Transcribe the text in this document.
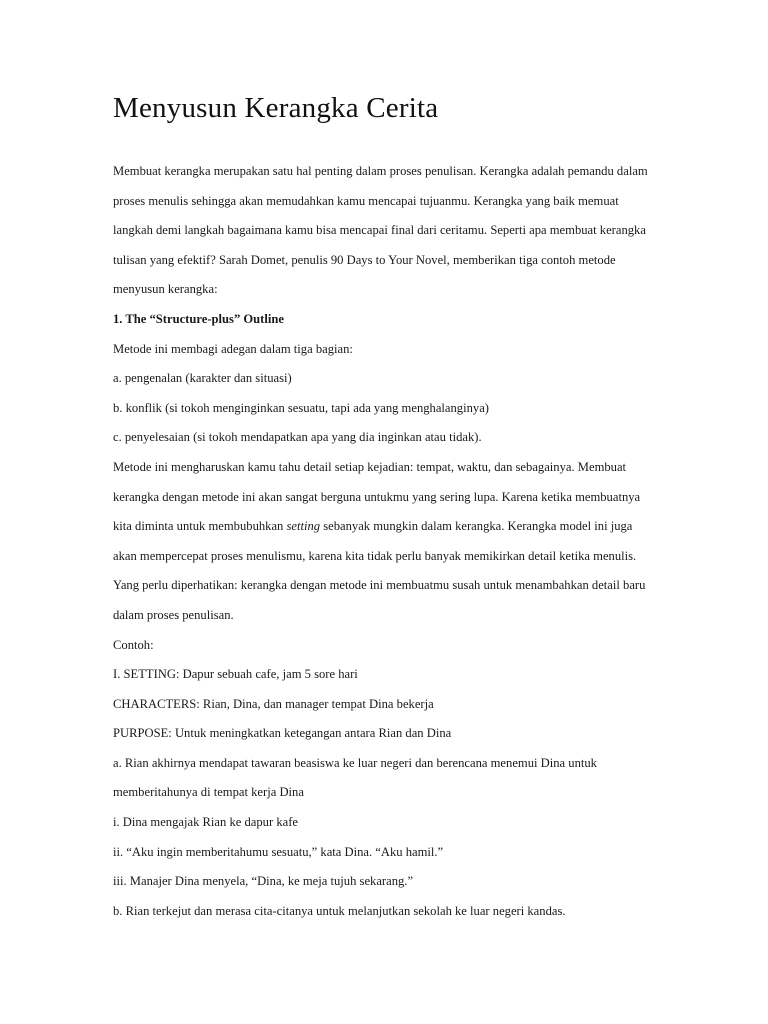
Menyusun Kerangka Cerita

Membuat kerangka merupakan satu hal penting dalam proses penulisan. Kerangka adalah pemandu dalam proses menulis sehingga akan memudahkan kamu mencapai tujuanmu. Kerangka yang baik memuat langkah demi langkah bagaimana kamu bisa mencapai final dari ceritamu. Seperti apa membuat kerangka tulisan yang efektif? Sarah Domet, penulis 90 Days to Your Novel, memberikan tiga contoh metode menyusun kerangka:

1. The “Structure-plus” Outline

Metode ini membagi adegan dalam tiga bagian:

a. pengenalan (karakter dan situasi)

b. konflik (si tokoh menginginkan sesuatu, tapi ada yang menghalanginya)

c. penyelesaian (si tokoh mendapatkan apa yang dia inginkan atau tidak).

Metode ini mengharuskan kamu tahu detail setiap kejadian: tempat, waktu, dan sebagainya. Membuat kerangka dengan metode ini akan sangat berguna untukmu yang sering lupa. Karena ketika membuatnya kita diminta untuk membubuhkan setting sebanyak mungkin dalam kerangka. Kerangka model ini juga akan mempercepat proses menulismu, karena kita tidak perlu banyak memikirkan detail ketika menulis.

Yang perlu diperhatikan: kerangka dengan metode ini membuatmu susah untuk menambahkan detail baru dalam proses penulisan.

Contoh:

I. SETTING: Dapur sebuah cafe, jam 5 sore hari

CHARACTERS: Rian, Dina, dan manager tempat Dina bekerja

PURPOSE: Untuk meningkatkan ketegangan antara Rian dan Dina

a. Rian akhirnya mendapat tawaran beasiswa ke luar negeri dan berencana menemui Dina untuk memberitahunya di tempat kerja Dina

i. Dina mengajak Rian ke dapur kafe

ii. “Aku ingin memberitahumu sesuatu,” kata Dina. “Aku hamil.”

iii. Manajer Dina menyela, “Dina, ke meja tujuh sekarang.”

b. Rian terkejut dan merasa cita-citanya untuk melanjutkan sekolah ke luar negeri kandas.
